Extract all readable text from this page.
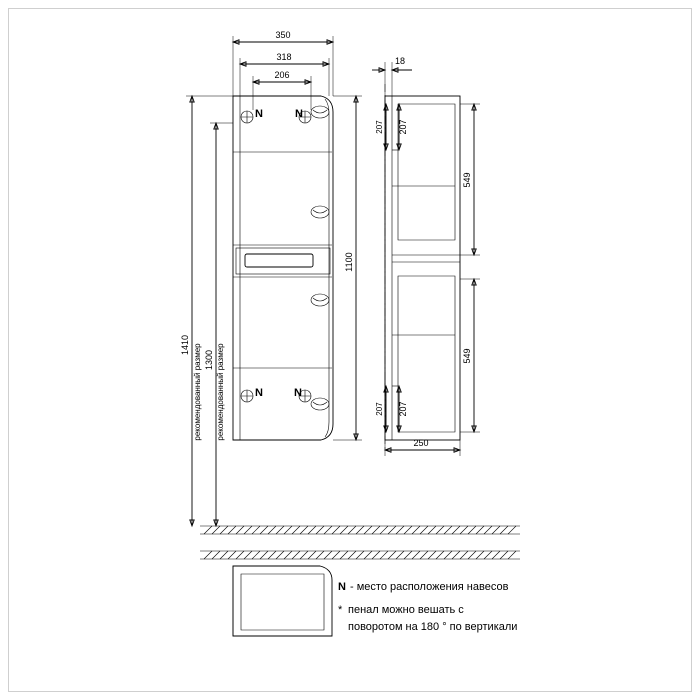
N	N
N	N
350
318
206
1410 рекомендованный размер 1300 рекомендованный размер
1100
18
207 207
207 207
549
549
250
N - место расположения навесов
* пенал можно вешать с
поворотом на 180 ° по вертикали
